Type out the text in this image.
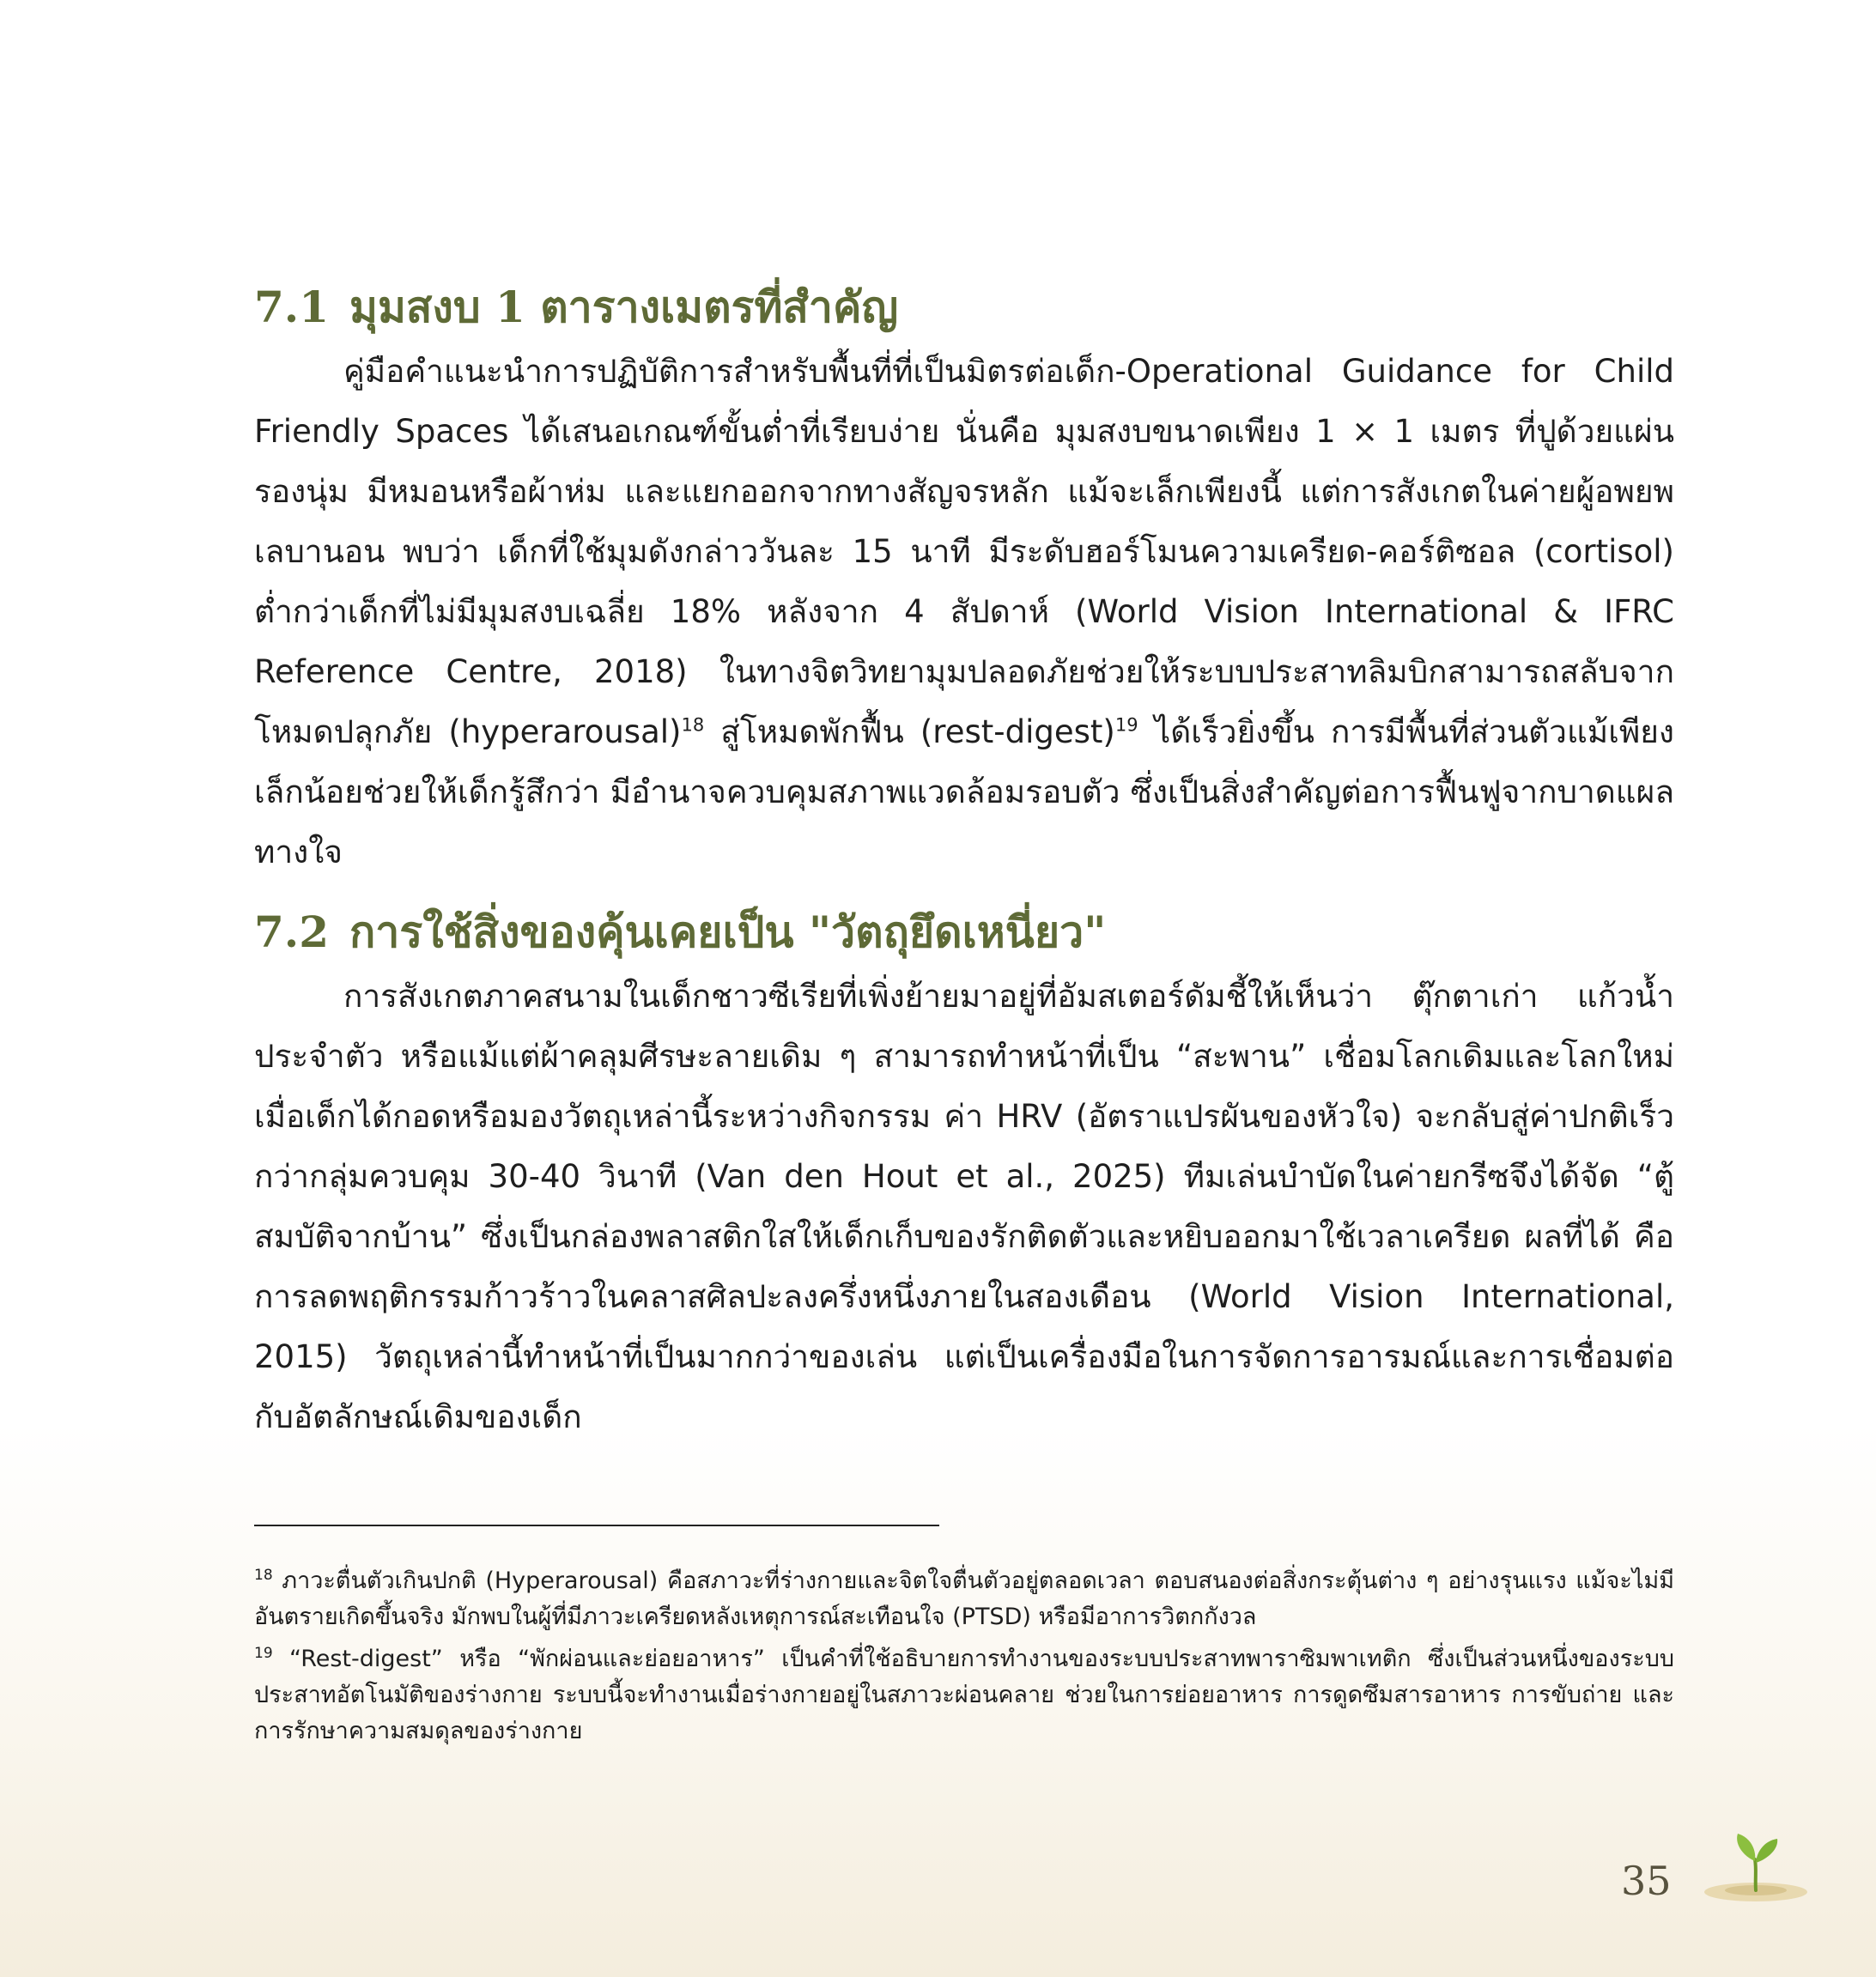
7.1 มุมสงบ 1 ตารางเมตรที่สำคัญ

คู่มือคำแนะนำการปฏิบัติการสำหรับพื้นที่ที่เป็นมิตรต่อเด็ก-Operational Guidance for Child Friendly Spaces ได้เสนอเกณฑ์ขั้นต่ำที่เรียบง่าย นั่นคือ มุมสงบขนาดเพียง 1 × 1 เมตร ที่ปูด้วยแผ่นรองนุ่ม มีหมอนหรือผ้าห่ม และแยกออกจากทางสัญจรหลัก แม้จะเล็กเพียงนี้ แต่การสังเกตในค่ายผู้อพยพเลบานอน พบว่า เด็กที่ใช้มุมดังกล่าววันละ 15 นาที มีระดับฮอร์โมนความเครียด-คอร์ติซอล (cortisol) ต่ำกว่าเด็กที่ไม่มีมุมสงบเฉลี่ย 18% หลังจาก 4 สัปดาห์ (World Vision International & IFRC Reference Centre, 2018) ในทางจิตวิทยามุมปลอดภัยช่วยให้ระบบประสาทลิมบิกสามารถสลับจากโหมดปลุกภัย (hyperarousal)$^{18}$ สู่โหมดพักฟื้น (rest-digest)$^{19}$ ได้เร็วยิ่งขึ้น การมีพื้นที่ส่วนตัวแม้เพียงเล็กน้อยช่วยให้เด็กรู้สึกว่า มีอำนาจควบคุมสภาพแวดล้อมรอบตัว ซึ่งเป็นสิ่งสำคัญต่อการฟื้นฟูจากบาดแผลทางใจ

7.2 การใช้สิ่งของคุ้นเคยเป็น "วัตถุยึดเหนี่ยว"

การสังเกตภาคสนามในเด็กชาวซีเรียที่เพิ่งย้ายมาอยู่ที่อัมสเตอร์ดัมชี้ให้เห็นว่า ตุ๊กตาเก่า แก้วน้ำประจำตัว หรือแม้แต่ผ้าคลุมศีรษะลายเดิม ๆ สามารถทำหน้าที่เป็น “สะพาน” เชื่อมโลกเดิมและโลกใหม่ เมื่อเด็กได้กอดหรือมองวัตถุเหล่านี้ระหว่างกิจกรรม ค่า HRV (อัตราแปรผันของหัวใจ) จะกลับสู่ค่าปกติเร็วกว่ากลุ่มควบคุม 30-40 วินาที (Van den Hout et al., 2025) ทีมเล่นบำบัดในค่ายกรีซจึงได้จัด “ตู้สมบัติจากบ้าน” ซึ่งเป็นกล่องพลาสติกใสให้เด็กเก็บของรักติดตัวและหยิบออกมาใช้เวลาเครียด ผลที่ได้ คือการลดพฤติกรรมก้าวร้าวในคลาสศิลปะลงครึ่งหนึ่งภายในสองเดือน (World Vision International, 2015) วัตถุเหล่านี้ทำหน้าที่เป็นมากกว่าของเล่น แต่เป็นเครื่องมือในการจัดการอารมณ์และการเชื่อมต่อกับอัตลักษณ์เดิมของเด็ก

$^{18}$ ภาวะตื่นตัวเกินปกติ (Hyperarousal) คือสภาวะที่ร่างกายและจิตใจตื่นตัวอยู่ตลอดเวลา ตอบสนองต่อสิ่งกระตุ้นต่าง ๆ อย่างรุนแรง แม้จะไม่มีอันตรายเกิดขึ้นจริง มักพบในผู้ที่มีภาวะเครียดหลังเหตุการณ์สะเทือนใจ (PTSD) หรือมีอาการวิตกกังวล

$^{19}$ “Rest-digest” หรือ “พักผ่อนและย่อยอาหาร” เป็นคำที่ใช้อธิบายการทำงานของระบบประสาทพาราซิมพาเทติก ซึ่งเป็นส่วนหนึ่งของระบบประสาทอัตโนมัติของร่างกาย ระบบนี้จะทำงานเมื่อร่างกายอยู่ในสภาวะผ่อนคลาย ช่วยในการย่อยอาหาร การดูดซึมสารอาหาร การขับถ่าย และการรักษาความสมดุลของร่างกาย

35
